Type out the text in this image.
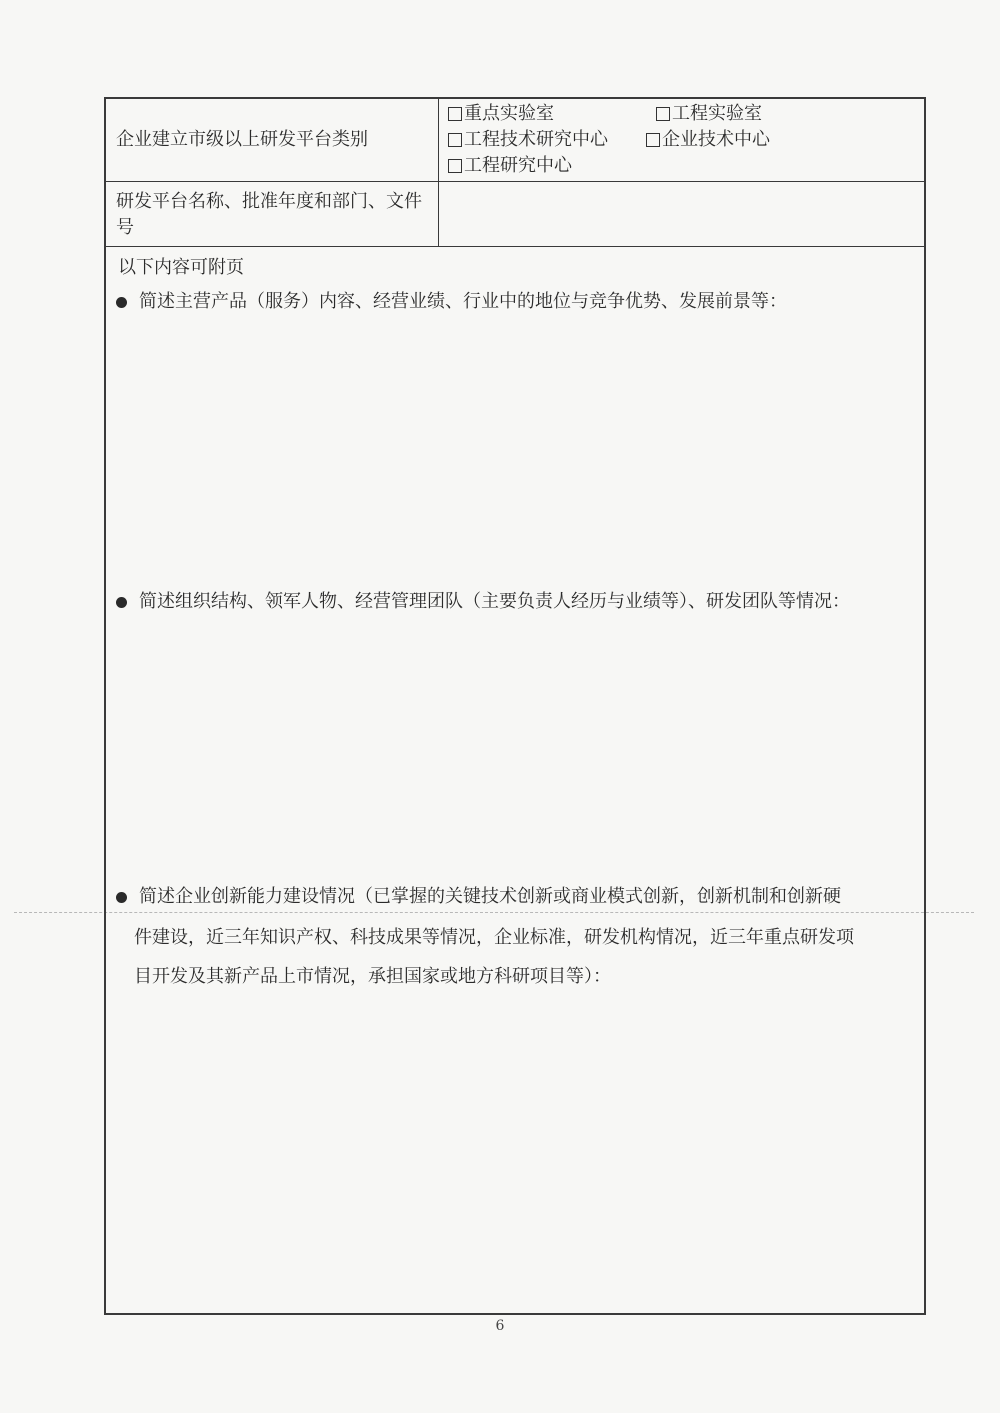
企业建立市级以上研发平台类别
重点实验室	工程实验室
工程技术研究中心	企业技术中心
工程研究中心
研发平台名称、批准年度和部门、文件号
以下内容可附页
简述主营产品（服务）内容、经营业绩、行业中的地位与竞争优势、发展前景等：
简述组织结构、领军人物、经营管理团队（主要负责人经历与业绩等）、研发团队等情况：
简述企业创新能力建设情况（已掌握的关键技术创新或商业模式创新，创新机制和创新硬
件建设，近三年知识产权、科技成果等情况，企业标准，研发机构情况，近三年重点研发项
目开发及其新产品上市情况，承担国家或地方科研项目等）：
6
